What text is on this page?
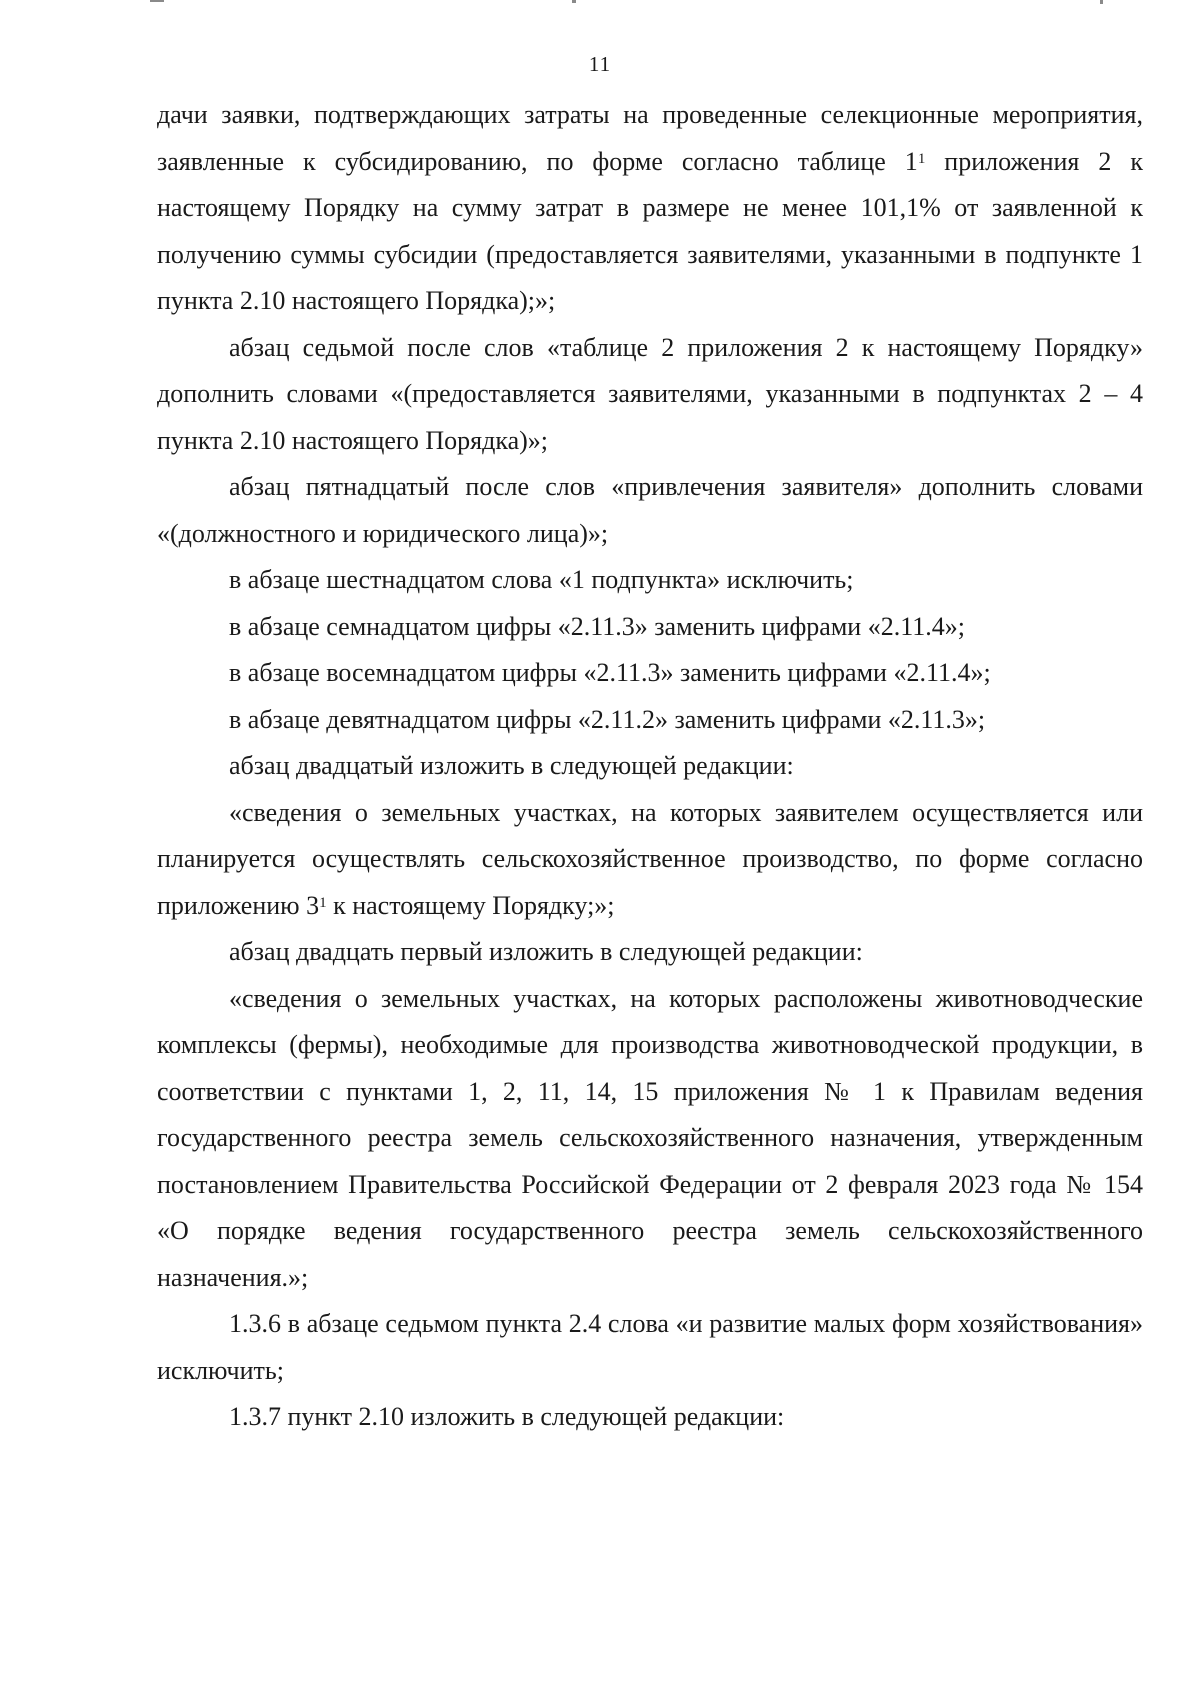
11

дачи заявки, подтверждающих затраты на проведенные селекционные мероприятия, заявленные к субсидированию, по форме согласно таблице $1^1$ приложения 2 к настоящему Порядку на сумму затрат в размере не менее 101,1% от заявленной к получению суммы субсидии (предоставляется заявителями, указанными в подпункте 1 пункта 2.10 настоящего Порядка);»;

абзац седьмой после слов «таблице 2 приложения 2 к настоящему Порядку» дополнить словами «(предоставляется заявителями, указанными в подпунктах 2 – 4 пункта 2.10 настоящего Порядка)»;

абзац пятнадцатый после слов «привлечения заявителя» дополнить словами «(должностного и юридического лица)»;

в абзаце шестнадцатом слова «1 подпункта» исключить;

в абзаце семнадцатом цифры «2.11.3» заменить цифрами «2.11.4»;

в абзаце восемнадцатом цифры «2.11.3» заменить цифрами «2.11.4»;

в абзаце девятнадцатом цифры «2.11.2» заменить цифрами «2.11.3»;

абзац двадцатый изложить в следующей редакции:

«сведения о земельных участках, на которых заявителем осуществляется или планируется осуществлять сельскохозяйственное производство, по форме согласно приложению $3^1$ к настоящему Порядку;»;

абзац двадцать первый изложить в следующей редакции:

«сведения о земельных участках, на которых расположены животноводческие комплексы (фермы), необходимые для производства животноводческой продукции, в соответствии с пунктами 1, 2, 11, 14, 15 приложения № 1 к Правилам ведения государственного реестра земель сельскохозяйственного назначения, утвержденным постановлением Правительства Российской Федерации от 2 февраля 2023 года № 154 «О порядке ведения государственного реестра земель сельскохозяйственного назначения.»;

1.3.6 в абзаце седьмом пункта 2.4 слова «и развитие малых форм хозяйствования» исключить;

1.3.7 пункт 2.10 изложить в следующей редакции:
